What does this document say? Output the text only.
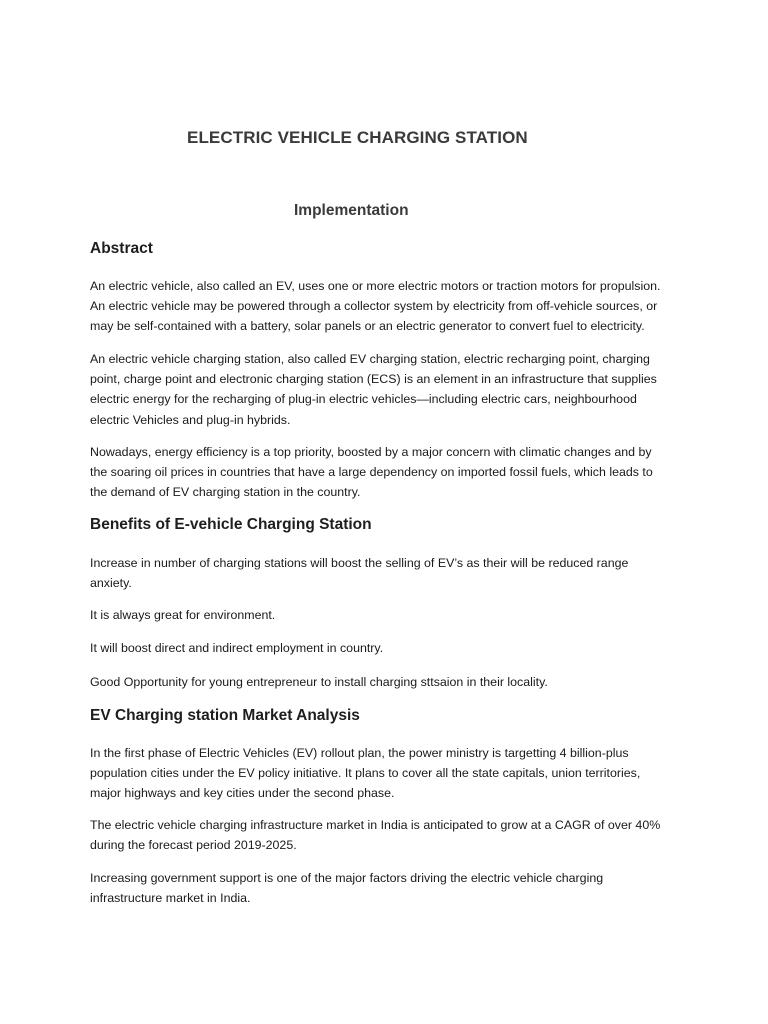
ELECTRIC VEHICLE CHARGING STATION
Implementation
Abstract

An electric vehicle, also called an EV, uses one or more electric motors or traction motors for propulsion.
An electric vehicle may be powered through a collector system by electricity from off-vehicle sources, or
may be self-contained with a battery, solar panels or an electric generator to convert fuel to electricity.

An electric vehicle charging station, also called EV charging station, electric recharging point, charging
point, charge point and electronic charging station (ECS) is an element in an infrastructure that supplies
electric energy for the recharging of plug-in electric vehicles—including electric cars, neighbourhood
electric Vehicles and plug-in hybrids.

Nowadays, energy efficiency is a top priority, boosted by a major concern with climatic changes and by
the soaring oil prices in countries that have a large dependency on imported fossil fuels, which leads to
the demand of EV charging station in the country.

Benefits of E-vehicle Charging Station

Increase in number of charging stations will boost the selling of EV’s as their will be reduced range
anxiety.

It is always great for environment.

It will boost direct and indirect employment in country.

Good Opportunity for young entrepreneur to install charging sttsaion in their locality.

EV Charging station Market Analysis

In the first phase of Electric Vehicles (EV) rollout plan, the power ministry is targetting 4 billion-plus
population cities under the EV policy initiative. It plans to cover all the state capitals, union territories,
major highways and key cities under the second phase.

The electric vehicle charging infrastructure market in India is anticipated to grow at a CAGR of over 40%
during the forecast period 2019-2025.

Increasing government support is one of the major factors driving the electric vehicle charging
infrastructure market in India.
